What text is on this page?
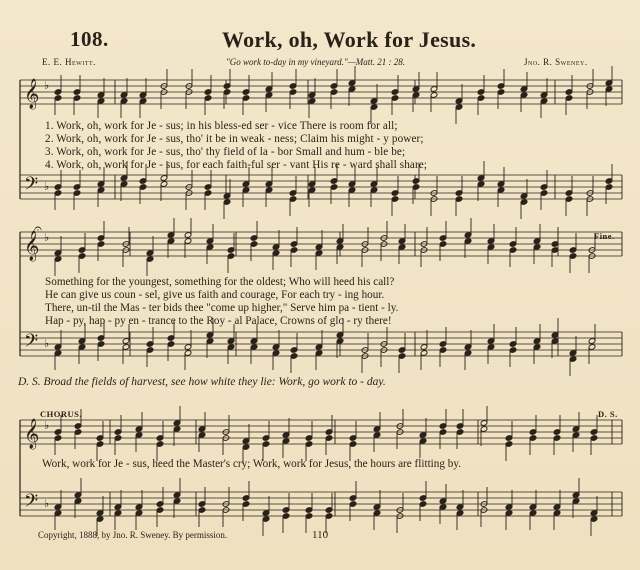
𝄞
𝄢
♭
♭
𝄞
𝄢
♭
♭
𝄞
𝄢
♭
♭
108.	Work, oh, Work for Jesus.
E. E. Hewitt.	"Go work to-day in my vineyard."—Matt. 21 : 28.	Jno. R. Sweney.
1. Work, oh, work for Je - sus; in his bless-ed ser - vice There is room for all;
2. Work, oh, work for Je - sus, tho' it be in weak - ness; Claim his might - y power;
3. Work, oh, work for Je - sus, tho' thy field of la - bor Small and hum - ble be;
4. Work, oh, work for Je - sus, for each faith-ful ser - vant His re - ward shall share;
Something for the youngest, something for the oldest; Who will heed his call?
He can give us coun - sel, give us faith and courage, For each try - ing hour.
There, un-til the Mas - ter bids thee "come up higher," Serve him pa - tient - ly.
Hap - py, hap - py en - trance to the Roy - al Palace, Crowns of glo - ry there!
𝄐	Fine.
D. S. Broad the fields of harvest, see how white they lie: Work, go work to - day.
CHORUS.	D. S.
Work, work for Je - sus, heed the Master's cry; Work, work for Jesus, the hours are flitting by.
Copyright, 1888, by Jno. R. Sweney. By permission.	110
